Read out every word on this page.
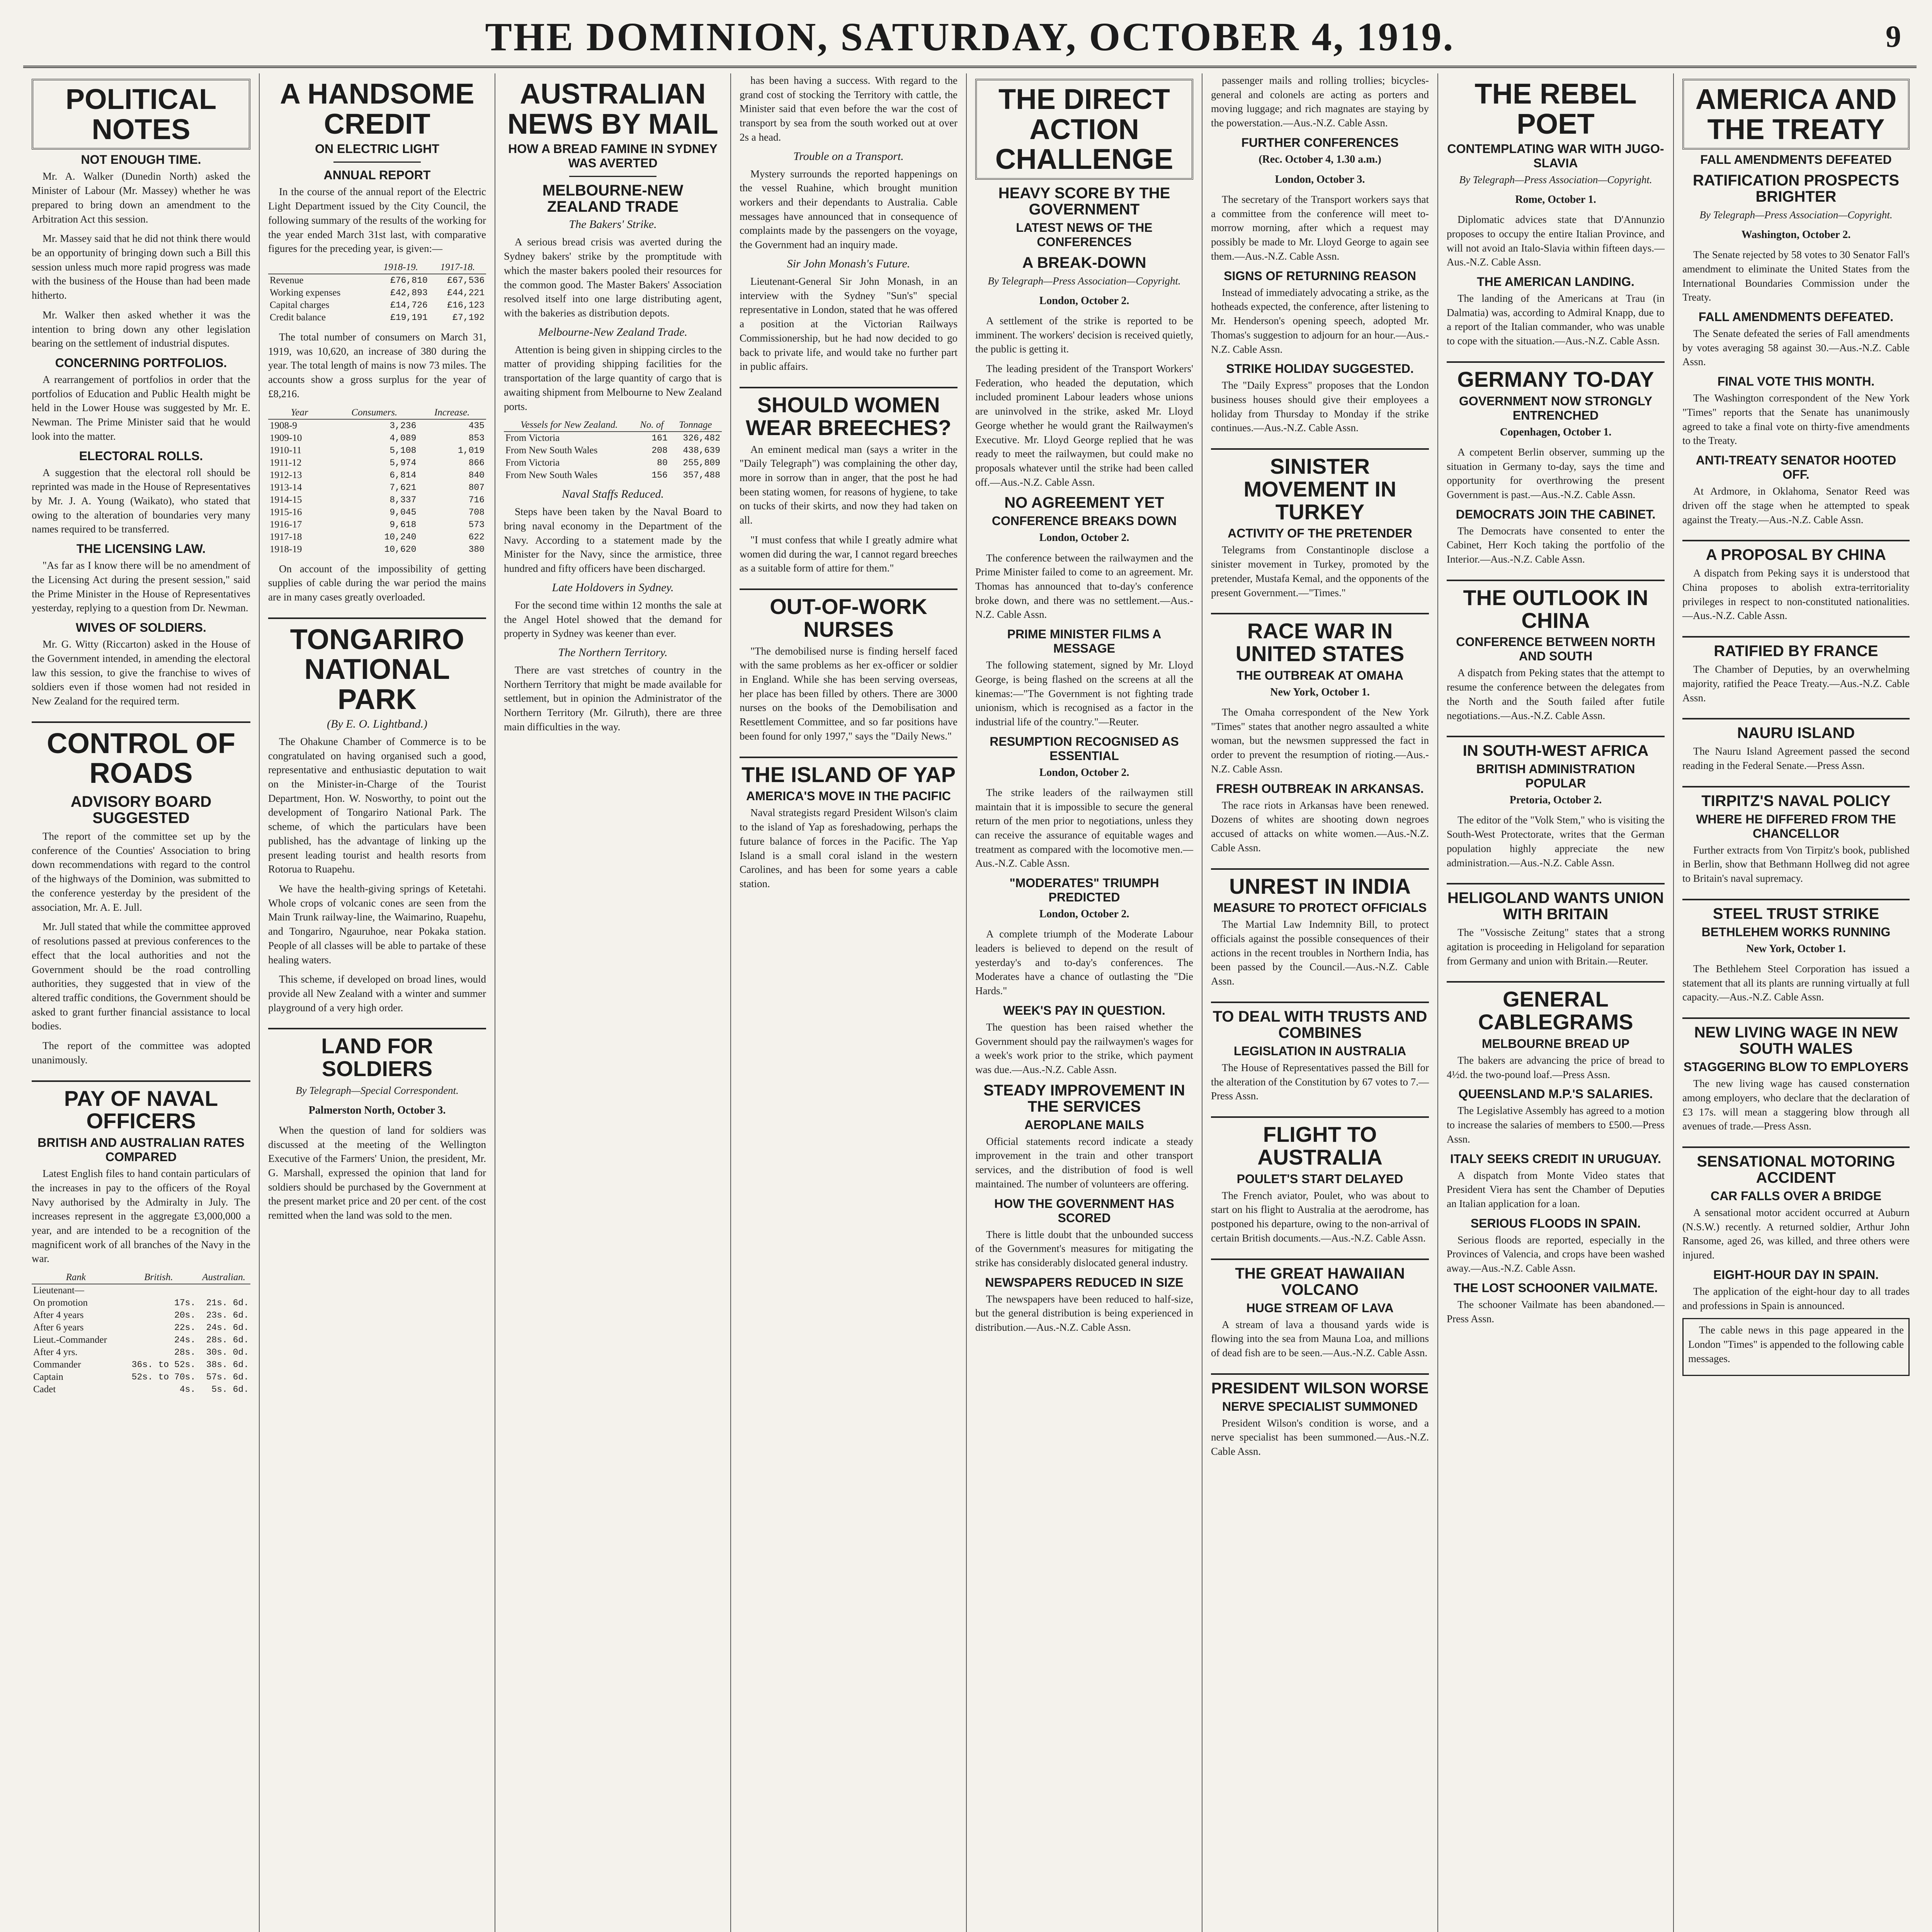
THE DOMINION, SATURDAY, OCTOBER 4, 1919.	9
POLITICAL NOTES
NOT ENOUGH TIME.

Mr. A. Walker (Dunedin North) asked the Minister of Labour (Mr. Massey) whether he was prepared to bring down an amendment to the Arbitration Act this session.

Mr. Massey said that he did not think there would be an opportunity of bringing down such a Bill this session unless much more rapid progress was made with the business of the House than had been made hitherto.

Mr. Walker then asked whether it was the intention to bring down any other legislation bearing on the settlement of industrial disputes.

CONCERNING PORTFOLIOS.

A rearrangement of portfolios in order that the portfolios of Education and Public Health might be held in the Lower House was suggested by Mr. E. Newman. The Prime Minister said that he would look into the matter.

ELECTORAL ROLLS.

A suggestion that the electoral roll should be reprinted was made in the House of Representatives by Mr. J. A. Young (Waikato), who stated that owing to the alteration of boundaries very many names required to be transferred.

THE LICENSING LAW.

"As far as I know there will be no amendment of the Licensing Act during the present session," said the Prime Minister in the House of Representatives yesterday, replying to a question from Dr. Newman.

WIVES OF SOLDIERS.

Mr. G. Witty (Riccarton) asked in the House of the Government intended, in amending the electoral law this session, to give the franchise to wives of soldiers even if those women had not resided in New Zealand for the required term.

CONTROL OF ROADS
ADVISORY BOARD SUGGESTED

The report of the committee set up by the conference of the Counties' Association to bring down recommendations with regard to the control of the highways of the Dominion, was submitted to the conference yesterday by the president of the association, Mr. A. E. Jull.

Mr. Jull stated that while the committee approved of resolutions passed at previous conferences to the effect that the local authorities and not the Government should be the road controlling authorities, they suggested that in view of the altered traffic conditions, the Government should be asked to grant further financial assistance to local bodies.

The report of the committee was adopted unanimously.

PAY OF NAVAL OFFICERS
BRITISH AND AUSTRALIAN RATES COMPARED

Latest English files to hand contain particulars of the increases in pay to the officers of the Royal Navy authorised by the Admiralty in July. The increases represent in the aggregate £3,000,000 a year, and are intended to be a recognition of the magnificent work of all branches of the Navy in the war.

Rank	British.	Australian.
Lieutenant—		
On promotion	17s.	21s. 6d.
After 4 years	20s.	23s. 6d.
After 6 years	22s.	24s. 6d.
Lieut.-Commander	24s.	28s. 6d.
After 4 yrs.	28s.	30s. 0d.
Commander	36s. to 52s.	38s. 6d.
Captain	52s. to 70s.	57s. 6d.
Cadet	4s.	5s. 6d.
A HANDSOME CREDIT
ON ELECTRIC LIGHT
ANNUAL REPORT

In the course of the annual report of the Electric Light Department issued by the City Council, the following summary of the results of the working for the year ended March 31st last, with comparative figures for the preceding year, is given:—

	1918-19.	1917-18.
Revenue	£76,810	£67,536
Working expenses	£42,893	£44,221
Capital charges	£14,726	£16,123
Credit balance	£19,191	£7,192

The total number of consumers on March 31, 1919, was 10,620, an increase of 380 during the year. The total length of mains is now 73 miles. The accounts show a gross surplus for the year of £8,216.

Year	Consumers.	Increase.
1908-9	3,236	435
1909-10	4,089	853
1910-11	5,108	1,019
1911-12	5,974	866
1912-13	6,814	840
1913-14	7,621	807
1914-15	8,337	716
1915-16	9,045	708
1916-17	9,618	573
1917-18	10,240	622
1918-19	10,620	380

On account of the impossibility of getting supplies of cable during the war period the mains are in many cases greatly overloaded.

TONGARIRO NATIONAL PARK
(By E. O. Lightband.)

The Ohakune Chamber of Commerce is to be congratulated on having organised such a good, representative and enthusiastic deputation to wait on the Minister-in-Charge of the Tourist Department, Hon. W. Nosworthy, to point out the development of Tongariro National Park. The scheme, of which the particulars have been published, has the advantage of linking up the present leading tourist and health resorts from Rotorua to Ruapehu.

We have the health-giving springs of Ketetahi. Whole crops of volcanic cones are seen from the Main Trunk railway-line, the Waimarino, Ruapehu, and Tongariro, Ngauruhoe, near Pokaka station. People of all classes will be able to partake of these healing waters.

This scheme, if developed on broad lines, would provide all New Zealand with a winter and summer playground of a very high order.

LAND FOR SOLDIERS

By Telegraph—Special Correspondent.

Palmerston North, October 3.

When the question of land for soldiers was discussed at the meeting of the Wellington Executive of the Farmers' Union, the president, Mr. G. Marshall, expressed the opinion that land for soldiers should be purchased by the Government at the present market price and 20 per cent. of the cost remitted when the land was sold to the men.

AUSTRALIAN NEWS BY MAIL
HOW A BREAD FAMINE IN SYDNEY WAS AVERTED
MELBOURNE-NEW ZEALAND TRADE
The Bakers' Strike.

A serious bread crisis was averted during the Sydney bakers' strike by the promptitude with which the master bakers pooled their resources for the common good. The Master Bakers' Association resolved itself into one large distributing agent, with the bakeries as distribution depots.

Melbourne-New Zealand Trade.

Attention is being given in shipping circles to the matter of providing shipping facilities for the transportation of the large quantity of cargo that is awaiting shipment from Melbourne to New Zealand ports.

Vessels for New Zealand.	No. of	Tonnage
From Victoria	161	326,482
From New South Wales	208	438,639
From Victoria	80	255,809
From New South Wales	156	357,488
Naval Staffs Reduced.

Steps have been taken by the Naval Board to bring naval economy in the Department of the Navy. According to a statement made by the Minister for the Navy, since the armistice, three hundred and fifty officers have been discharged.

Late Holdovers in Sydney.

For the second time within 12 months the sale at the Angel Hotel showed that the demand for property in Sydney was keener than ever.

The Northern Territory.

There are vast stretches of country in the Northern Territory that might be made available for settlement, but in opinion the Administrator of the Northern Territory (Mr. Gilruth), there are three main difficulties in the way.

has been having a success. With regard to the grand cost of stocking the Territory with cattle, the Minister said that even before the war the cost of transport by sea from the south worked out at over 2s a head.

Trouble on a Transport.

Mystery surrounds the reported happenings on the vessel Ruahine, which brought munition workers and their dependants to Australia. Cable messages have announced that in consequence of complaints made by the passengers on the voyage, the Government had an inquiry made.

Sir John Monash's Future.

Lieutenant-General Sir John Monash, in an interview with the Sydney "Sun's" special representative in London, stated that he was offered a position at the Victorian Railways Commissionership, but he had now decided to go back to private life, and would take no further part in public affairs.

SHOULD WOMEN WEAR BREECHES?

An eminent medical man (says a writer in the "Daily Telegraph") was complaining the other day, more in sorrow than in anger, that the post he had been stating women, for reasons of hygiene, to take on tucks of their skirts, and now they had taken on all.

"I must confess that while I greatly admire what women did during the war, I cannot regard breeches as a suitable form of attire for them."

OUT-OF-WORK NURSES

"The demobilised nurse is finding herself faced with the same problems as her ex-officer or soldier in England. While she has been serving overseas, her place has been filled by others. There are 3000 nurses on the books of the Demobilisation and Resettlement Committee, and so far positions have been found for only 1997," says the "Daily News."

THE ISLAND OF YAP
AMERICA'S MOVE IN THE PACIFIC

Naval strategists regard President Wilson's claim to the island of Yap as foreshadowing, perhaps the future balance of forces in the Pacific. The Yap Island is a small coral island in the western Carolines, and has been for some years a cable station.

THE DIRECT ACTION CHALLENGE
HEAVY SCORE BY THE GOVERNMENT
LATEST NEWS OF THE CONFERENCES
A BREAK-DOWN

By Telegraph—Press Association—Copyright.

London, October 2.

A settlement of the strike is reported to be imminent. The workers' decision is received quietly, the public is getting it.

The leading president of the Transport Workers' Federation, who headed the deputation, which included prominent Labour leaders whose unions are uninvolved in the strike, asked Mr. Lloyd George whether he would grant the Railwaymen's Executive. Mr. Lloyd George replied that he was ready to meet the railwaymen, but could make no proposals whatever until the strike had been called off.—Aus.-N.Z. Cable Assn.

NO AGREEMENT YET
CONFERENCE BREAKS DOWN

London, October 2.

The conference between the railwaymen and the Prime Minister failed to come to an agreement. Mr. Thomas has announced that to-day's conference broke down, and there was no settlement.—Aus.-N.Z. Cable Assn.

PRIME MINISTER FILMS A MESSAGE

The following statement, signed by Mr. Lloyd George, is being flashed on the screens at all the kinemas:—"The Government is not fighting trade unionism, which is recognised as a factor in the industrial life of the country."—Reuter.

RESUMPTION RECOGNISED AS ESSENTIAL

London, October 2.

The strike leaders of the railwaymen still maintain that it is impossible to secure the general return of the men prior to negotiations, unless they can receive the assurance of equitable wages and treatment as compared with the locomotive men.—Aus.-N.Z. Cable Assn.

"MODERATES" TRIUMPH PREDICTED

London, October 2.

A complete triumph of the Moderate Labour leaders is believed to depend on the result of yesterday's and to-day's conferences. The Moderates have a chance of outlasting the "Die Hards."

WEEK'S PAY IN QUESTION.

The question has been raised whether the Government should pay the railwaymen's wages for a week's work prior to the strike, which payment was due.—Aus.-N.Z. Cable Assn.

STEADY IMPROVEMENT IN THE SERVICES
AEROPLANE MAILS

Official statements record indicate a steady improvement in the train and other transport services, and the distribution of food is well maintained. The number of volunteers are offering.

HOW THE GOVERNMENT HAS SCORED

There is little doubt that the unbounded success of the Government's measures for mitigating the strike has considerably dislocated general industry.

NEWSPAPERS REDUCED IN SIZE

The newspapers have been reduced to half-size, but the general distribution is being experienced in distribution.—Aus.-N.Z. Cable Assn.

passenger mails and rolling trollies; bicycles-general and colonels are acting as porters and moving luggage; and rich magnates are staying by the powerstation.—Aus.-N.Z. Cable Assn.

FURTHER CONFERENCES

(Rec. October 4, 1.30 a.m.)

London, October 3.

The secretary of the Transport workers says that a committee from the conference will meet to-morrow morning, after which a request may possibly be made to Mr. Lloyd George to again see them.—Aus.-N.Z. Cable Assn.

SIGNS OF RETURNING REASON

Instead of immediately advocating a strike, as the hotheads expected, the conference, after listening to Mr. Henderson's opening speech, adopted Mr. Thomas's suggestion to adjourn for an hour.—Aus.-N.Z. Cable Assn.

STRIKE HOLIDAY SUGGESTED.

The "Daily Express" proposes that the London business houses should give their employees a holiday from Thursday to Monday if the strike continues.—Aus.-N.Z. Cable Assn.

SINISTER MOVEMENT IN TURKEY
ACTIVITY OF THE PRETENDER

Telegrams from Constantinople disclose a sinister movement in Turkey, promoted by the pretender, Mustafa Kemal, and the opponents of the present Government.—"Times."

RACE WAR IN UNITED STATES
THE OUTBREAK AT OMAHA

New York, October 1.

The Omaha correspondent of the New York "Times" states that another negro assaulted a white woman, but the newsmen suppressed the fact in order to prevent the resumption of rioting.—Aus.-N.Z. Cable Assn.

FRESH OUTBREAK IN ARKANSAS.

The race riots in Arkansas have been renewed. Dozens of whites are shooting down negroes accused of attacks on white women.—Aus.-N.Z. Cable Assn.

UNREST IN INDIA
MEASURE TO PROTECT OFFICIALS

The Martial Law Indemnity Bill, to protect officials against the possible consequences of their actions in the recent troubles in Northern India, has been passed by the Council.—Aus.-N.Z. Cable Assn.

TO DEAL WITH TRUSTS AND COMBINES
LEGISLATION IN AUSTRALIA

The House of Representatives passed the Bill for the alteration of the Constitution by 67 votes to 7.—Press Assn.

FLIGHT TO AUSTRALIA
POULET'S START DELAYED

The French aviator, Poulet, who was about to start on his flight to Australia at the aerodrome, has postponed his departure, owing to the non-arrival of certain British documents.—Aus.-N.Z. Cable Assn.

THE GREAT HAWAIIAN VOLCANO
HUGE STREAM OF LAVA

A stream of lava a thousand yards wide is flowing into the sea from Mauna Loa, and millions of dead fish are to be seen.—Aus.-N.Z. Cable Assn.

PRESIDENT WILSON WORSE
NERVE SPECIALIST SUMMONED

President Wilson's condition is worse, and a nerve specialist has been summoned.—Aus.-N.Z. Cable Assn.

THE REBEL POET
CONTEMPLATING WAR WITH JUGO-SLAVIA

By Telegraph—Press Association—Copyright.

Rome, October 1.

Diplomatic advices state that D'Annunzio proposes to occupy the entire Italian Province, and will not avoid an Italo-Slavia within fifteen days.—Aus.-N.Z. Cable Assn.

THE AMERICAN LANDING.

The landing of the Americans at Trau (in Dalmatia) was, according to Admiral Knapp, due to a report of the Italian commander, who was unable to cope with the situation.—Aus.-N.Z. Cable Assn.

GERMANY TO-DAY
GOVERNMENT NOW STRONGLY ENTRENCHED

Copenhagen, October 1.

A competent Berlin observer, summing up the situation in Germany to-day, says the time and opportunity for overthrowing the present Government is past.—Aus.-N.Z. Cable Assn.

DEMOCRATS JOIN THE CABINET.

The Democrats have consented to enter the Cabinet, Herr Koch taking the portfolio of the Interior.—Aus.-N.Z. Cable Assn.

THE OUTLOOK IN CHINA
CONFERENCE BETWEEN NORTH AND SOUTH

A dispatch from Peking states that the attempt to resume the conference between the delegates from the North and the South failed after futile negotiations.—Aus.-N.Z. Cable Assn.

IN SOUTH-WEST AFRICA
BRITISH ADMINISTRATION POPULAR

Pretoria, October 2.

The editor of the "Volk Stem," who is visiting the South-West Protectorate, writes that the German population highly appreciate the new administration.—Aus.-N.Z. Cable Assn.

HELIGOLAND WANTS UNION WITH BRITAIN

The "Vossische Zeitung" states that a strong agitation is proceeding in Heligoland for separation from Germany and union with Britain.—Reuter.

GENERAL CABLEGRAMS
MELBOURNE BREAD UP

The bakers are advancing the price of bread to 4½d. the two-pound loaf.—Press Assn.

QUEENSLAND M.P.'S SALARIES.

The Legislative Assembly has agreed to a motion to increase the salaries of members to £500.—Press Assn.

ITALY SEEKS CREDIT IN URUGUAY.

A dispatch from Monte Video states that President Viera has sent the Chamber of Deputies an Italian application for a loan.

SERIOUS FLOODS IN SPAIN.

Serious floods are reported, especially in the Provinces of Valencia, and crops have been washed away.—Aus.-N.Z. Cable Assn.

THE LOST SCHOONER VAILMATE.

The schooner Vailmate has been abandoned.—Press Assn.

AMERICA AND THE TREATY
FALL AMENDMENTS DEFEATED
RATIFICATION PROSPECTS BRIGHTER

By Telegraph—Press Association—Copyright.

Washington, October 2.

The Senate rejected by 58 votes to 30 Senator Fall's amendment to eliminate the United States from the International Boundaries Commission under the Treaty.

FALL AMENDMENTS DEFEATED.

The Senate defeated the series of Fall amendments by votes averaging 58 against 30.—Aus.-N.Z. Cable Assn.

FINAL VOTE THIS MONTH.

The Washington correspondent of the New York "Times" reports that the Senate has unanimously agreed to take a final vote on thirty-five amendments to the Treaty.

ANTI-TREATY SENATOR HOOTED OFF.

At Ardmore, in Oklahoma, Senator Reed was driven off the stage when he attempted to speak against the Treaty.—Aus.-N.Z. Cable Assn.

A PROPOSAL BY CHINA

A dispatch from Peking says it is understood that China proposes to abolish extra-territoriality privileges in respect to non-constituted nationalities.—Aus.-N.Z. Cable Assn.

RATIFIED BY FRANCE

The Chamber of Deputies, by an overwhelming majority, ratified the Peace Treaty.—Aus.-N.Z. Cable Assn.

NAURU ISLAND

The Nauru Island Agreement passed the second reading in the Federal Senate.—Press Assn.

TIRPITZ'S NAVAL POLICY
WHERE HE DIFFERED FROM THE CHANCELLOR

Further extracts from Von Tirpitz's book, published in Berlin, show that Bethmann Hollweg did not agree to Britain's naval supremacy.

STEEL TRUST STRIKE
BETHLEHEM WORKS RUNNING

New York, October 1.

The Bethlehem Steel Corporation has issued a statement that all its plants are running virtually at full capacity.—Aus.-N.Z. Cable Assn.

NEW LIVING WAGE IN NEW SOUTH WALES
STAGGERING BLOW TO EMPLOYERS

The new living wage has caused consternation among employers, who declare that the declaration of £3 17s. will mean a staggering blow through all avenues of trade.—Press Assn.

SENSATIONAL MOTORING ACCIDENT
CAR FALLS OVER A BRIDGE

A sensational motor accident occurred at Auburn (N.S.W.) recently. A returned soldier, Arthur John Ransome, aged 26, was killed, and three others were injured.

EIGHT-HOUR DAY IN SPAIN.

The application of the eight-hour day to all trades and professions in Spain is announced.

The cable news in this page appeared in the London "Times" is appended to the following cable messages.
